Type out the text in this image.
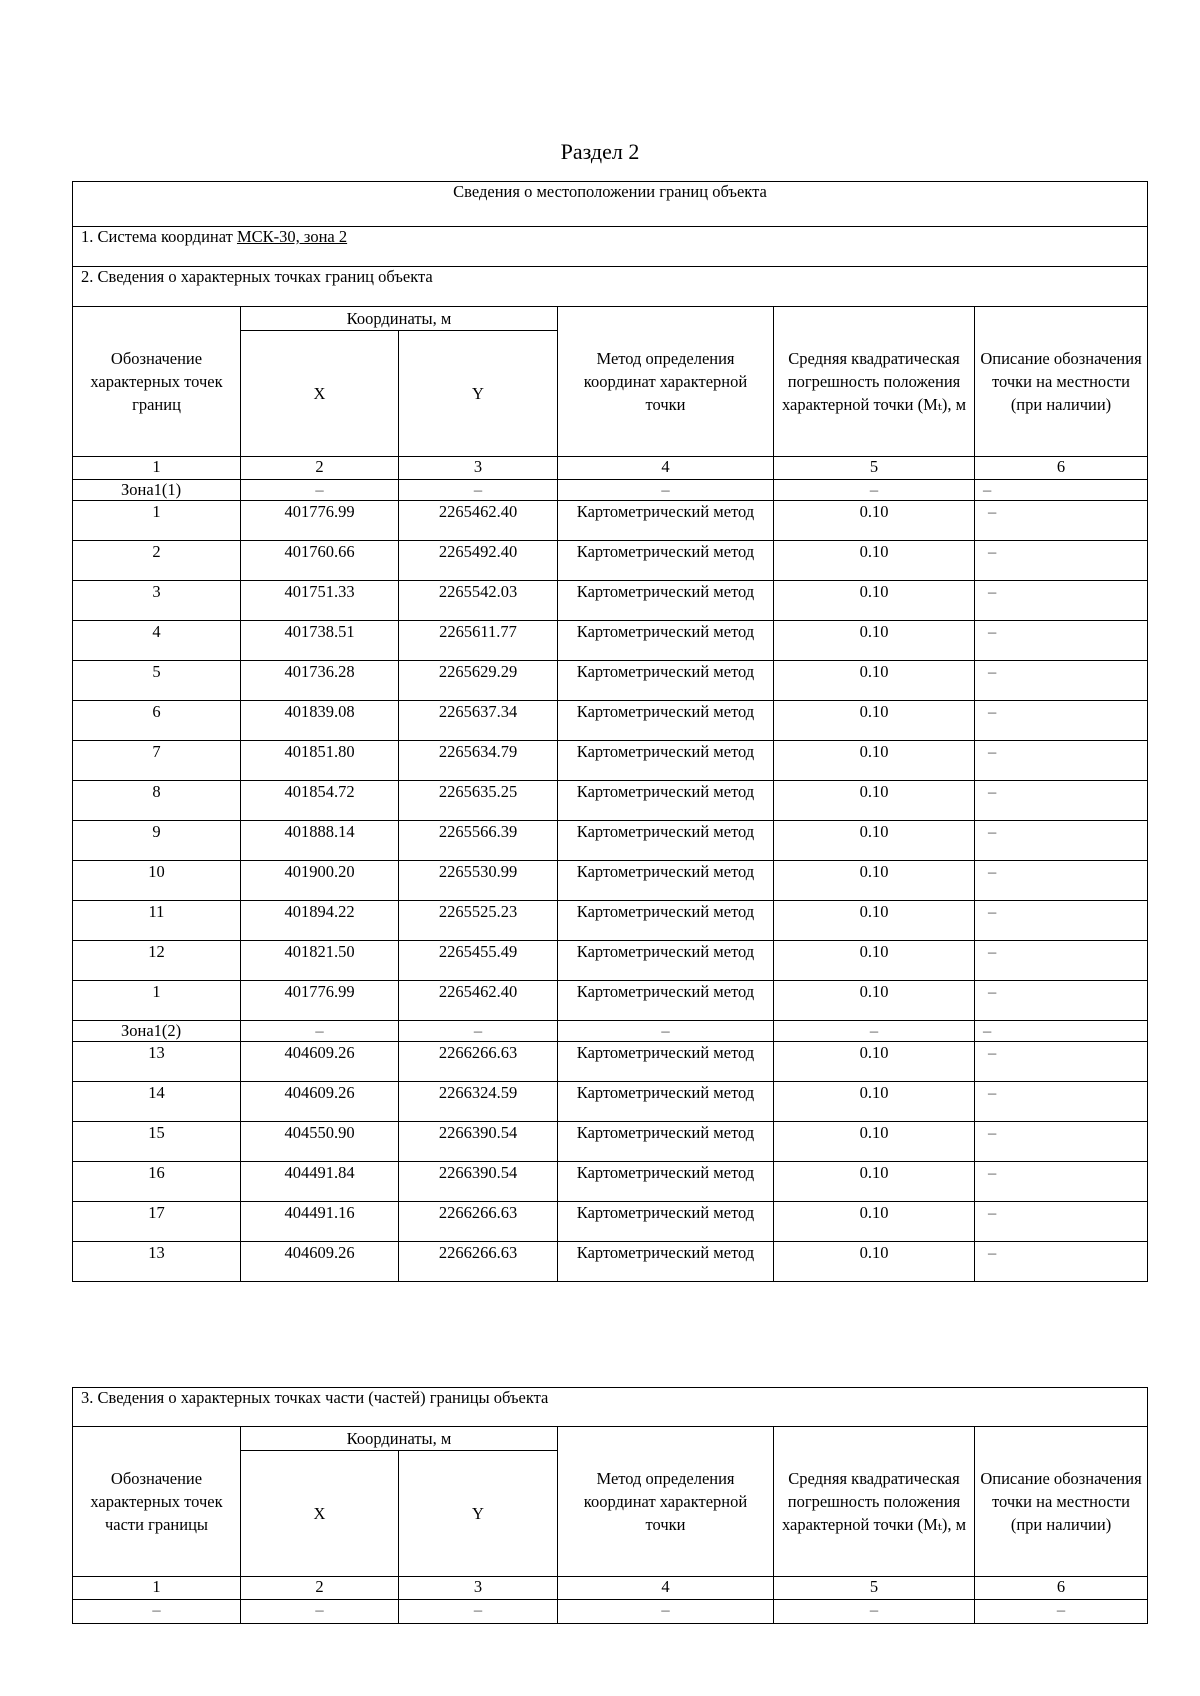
Раздел 2
Сведения о местоположении границ объекта					
1. Система координат МСК-30, зона 2					
2. Сведения о характерных точках границ объекта					
Обозначение характерных точек границ	Координаты, м		Метод определения координат характерной точки	Средняя квадратическая погрешность положения характерной точки (Mₜ), м	Описание обозначения точки на местности (при наличии)
	X	Y			
1	2	3	4	5	6
Зона1(1)	–	–	–	–	–
1	401776.99	2265462.40	Картометрический метод	0.10	–
2	401760.66	2265492.40	Картометрический метод	0.10	–
3	401751.33	2265542.03	Картометрический метод	0.10	–
4	401738.51	2265611.77	Картометрический метод	0.10	–
5	401736.28	2265629.29	Картометрический метод	0.10	–
6	401839.08	2265637.34	Картометрический метод	0.10	–
7	401851.80	2265634.79	Картометрический метод	0.10	–
8	401854.72	2265635.25	Картометрический метод	0.10	–
9	401888.14	2265566.39	Картометрический метод	0.10	–
10	401900.20	2265530.99	Картометрический метод	0.10	–
11	401894.22	2265525.23	Картометрический метод	0.10	–
12	401821.50	2265455.49	Картометрический метод	0.10	–
1	401776.99	2265462.40	Картометрический метод	0.10	–
Зона1(2)	–	–	–	–	–
13	404609.26	2266266.63	Картометрический метод	0.10	–
14	404609.26	2266324.59	Картометрический метод	0.10	–
15	404550.90	2266390.54	Картометрический метод	0.10	–
16	404491.84	2266390.54	Картометрический метод	0.10	–
17	404491.16	2266266.63	Картометрический метод	0.10	–
13	404609.26	2266266.63	Картометрический метод	0.10	–
3. Сведения о характерных точках части (частей) границы объекта					
Обозначение характерных точек части границы	Координаты, м		Метод определения координат характерной точки	Средняя квадратическая погрешность положения характерной точки (Mₜ), м	Описание обозначения точки на местности (при наличии)
	X	Y			
1	2	3	4	5	6
–	–	–	–	–	–
